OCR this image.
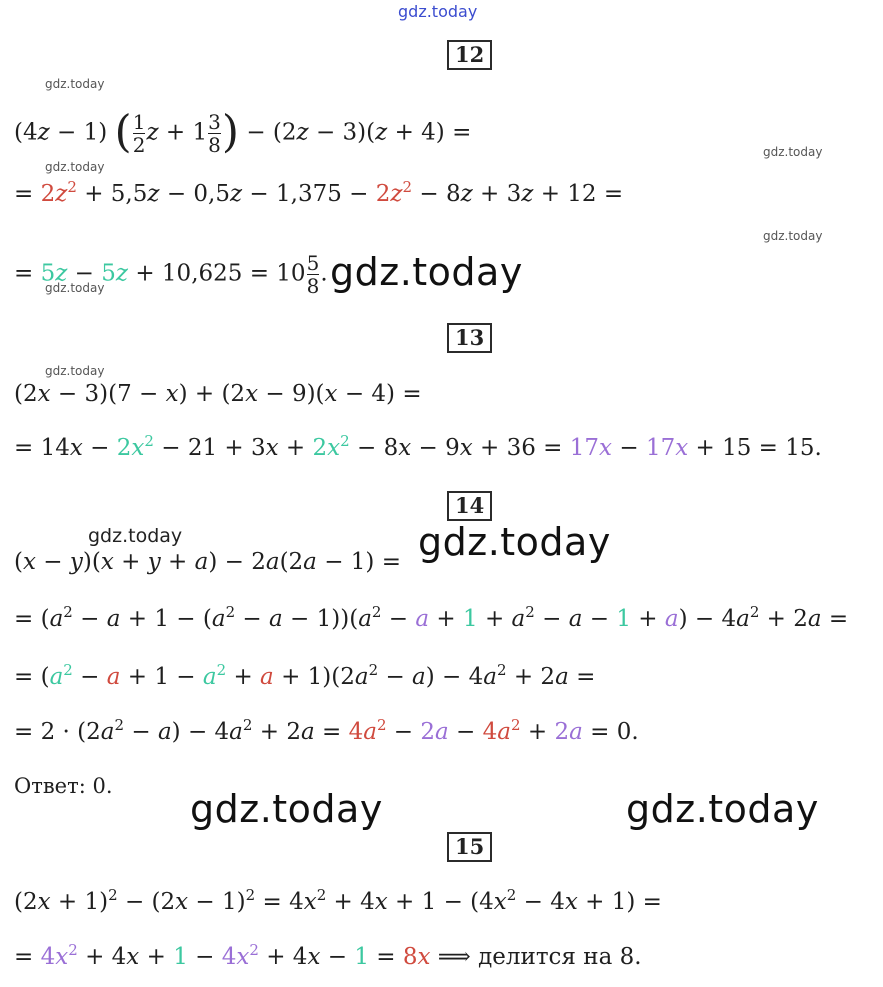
gdz.today
12
gdz.today
(4z − 1) ( $\frac{1}{2}$ $z + 1 \frac{3}{8}$ ) − (2z − 3)(z + 4) =
gdz.today
gdz.today
= $2z^2 + 5,5z - 0,5z - 1,375 - 2z^2 - 8z + 3z + 12$ =
gdz.today
= $5z - 5z + 10,625 = 10 \frac{5}{8}$ . gdz.today
gdz.today
13
gdz.today
(2x − 3)(7 − x) + (2x − 9)(x − 4) =
= $14x - 2x^2 - 21 + 3x + 2x^2 - 8x - 9x + 36 = 17x - 17x + 15 = 15$.
14
gdz.today
(x − y)(x + y + a) − 2a(2a − 1) = gdz.today
= $(a^2 - a + 1 - (a^2 - a - 1))(a^2 - a + 1 + a^2 - a - 1 + a) - 4a^2 + 2a$ =
= $(a^2 - a + 1 - a^2 + a + 1)(2a^2 - a) - 4a^2 + 2a$ =
= $2 \cdot (2a^2 - a) - 4a^2 + 2a = 4a^2 - 2a - 4a^2 + 2a = 0$.
Ответ: 0.
gdz.today	gdz.today
15
$(2x + 1)^2 - (2x - 1)^2 = 4x^2 + 4x + 1 - (4x^2 - 4x + 1)$ =
= $4x^2 + 4x + 1 - 4x^2 + 4x - 1 = 8x$ ⟹ делится на 8.
